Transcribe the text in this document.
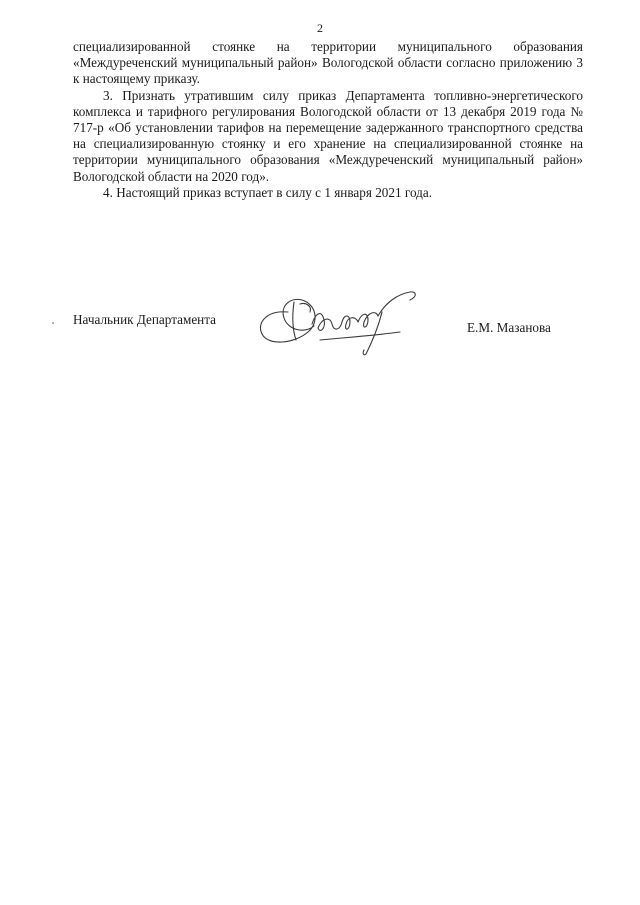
2

специализированной стоянке на территории муниципального образования «Междуреченский муниципальный район» Вологодской области согласно приложению 3 к настоящему приказу.

3. Признать утратившим силу приказ Департамента топливно-энергетического комплекса и тарифного регулирования Вологодской области от 13 декабря 2019 года № 717-р «Об установлении тарифов на перемещение задержанного транспортного средства на специализированную стоянку и его хранение на специализированной стоянке на территории муниципального образования «Междуреченский муниципальный район» Вологодской области на 2020 год».

4. Настоящий приказ вступает в силу с 1 января 2021 года.

Начальник Департамента
Е.М. Мазанова
